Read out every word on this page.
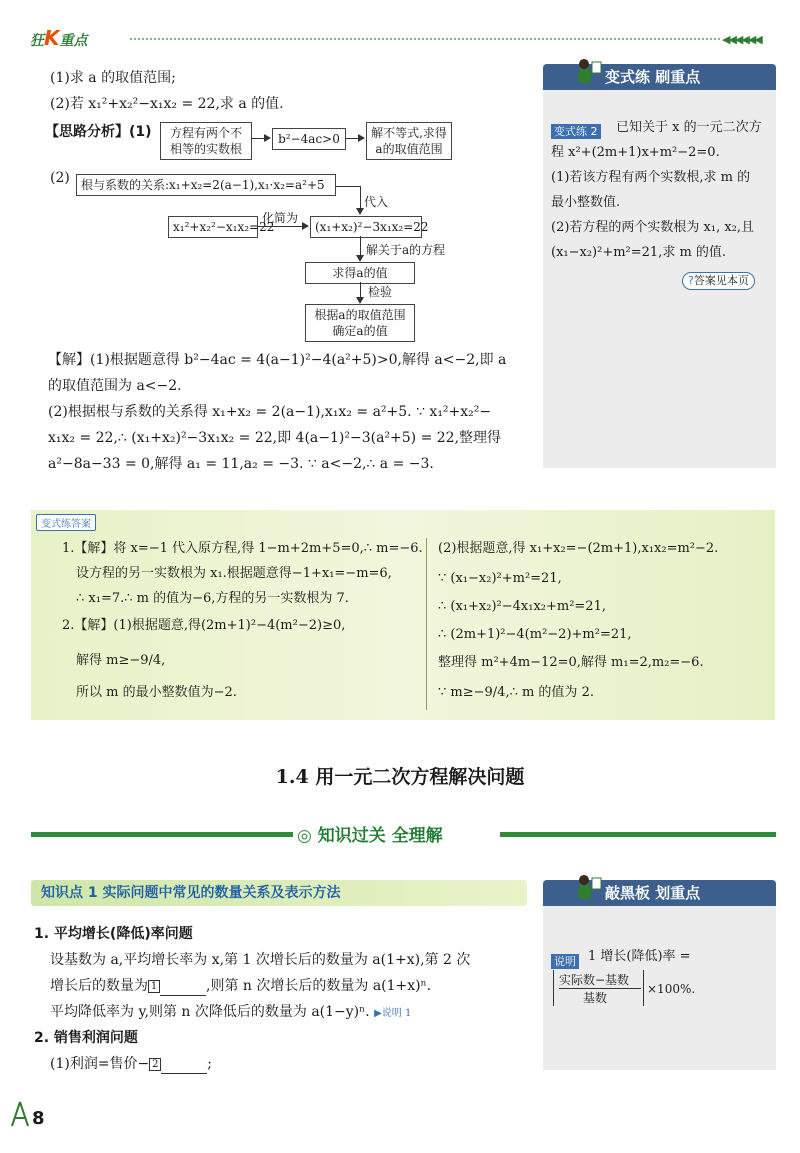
狂K重点	◀◀◀◀◀◀
(1)求 a 的取值范围;
(2)若 x₁²+x₂²−x₁x₂ = 22,求 a 的值.
【思路分析】(1)	方程有两个不相等的实数根
b²−4ac>0	解不等式,求得a的取值范围
(2) 根与系数的关系:x₁+x₂=2(a−1),x₁·x₂=a²+5
代入
x₁²+x₂²−x₁x₂=22
化简为
(x₁+x₂)²−3x₁x₂=22
解关于a的方程
求得a的值
检验
根据a的取值范围确定a的值
【解】(1)根据题意得 b²−4ac = 4(a−1)²−4(a²+5)>0,解得 a<−2,即 a
的取值范围为 a<−2.
(2)根据根与系数的关系得 x₁+x₂ = 2(a−1),x₁x₂ = a²+5. ∵ x₁²+x₂²−
x₁x₂ = 22,∴ (x₁+x₂)²−3x₁x₂ = 22,即 4(a−1)²−3(a²+5) = 22,整理得
a²−8a−33 = 0,解得 a₁ = 11,a₂ = −3. ∵ a<−2,∴ a = −3.
变式练 刷重点
变式练 2 已知关于 x 的一元二次方
程 x²+(2m+1)x+m²−2=0.
(1)若该方程有两个实数根,求 m 的
最小整数值.
(2)若方程的两个实数根为 x₁, x₂,且
(x₁−x₂)²+m²=21,求 m 的值.
?答案见本页
变式练答案
1.【解】将 x=−1 代入原方程,得 1−m+2m+5=0,∴ m=−6.
设方程的另一实数根为 x₁.根据题意得−1+x₁=−m=6,
∴ x₁=7.∴ m 的值为−6,方程的另一实数根为 7.
2.【解】(1)根据题意,得(2m+1)²−4(m²−2)≥0,
解得 m≥−9/4,
所以 m 的最小整数值为−2.
(2)根据题意,得 x₁+x₂=−(2m+1),x₁x₂=m²−2.
∵ (x₁−x₂)²+m²=21,
∴ (x₁+x₂)²−4x₁x₂+m²=21,
∴ (2m+1)²−4(m²−2)+m²=21,
整理得 m²+4m−12=0,解得 m₁=2,m₂=−6.
∵ m≥−9/4,∴ m 的值为 2.
1.4 用一元二次方程解决问题
◎ 知识过关 全理解
知识点 1 实际问题中常见的数量关系及表示方法
1. 平均增长(降低)率问题
设基数为 a,平均增长率为 x,第 1 次增长后的数量为 a(1+x),第 2 次
增长后的数量为 1	,则第 n 次增长后的数量为 a(1+x)ⁿ.
平均降低率为 y,则第 n 次降低后的数量为 a(1−y)ⁿ. ▶说明 1
2. 销售利润问题
(1)利润=售价− 2	;
敲黑板 划重点
说明 1 增长(降低)率 =
实际数−基数
基数
×100%.
8
